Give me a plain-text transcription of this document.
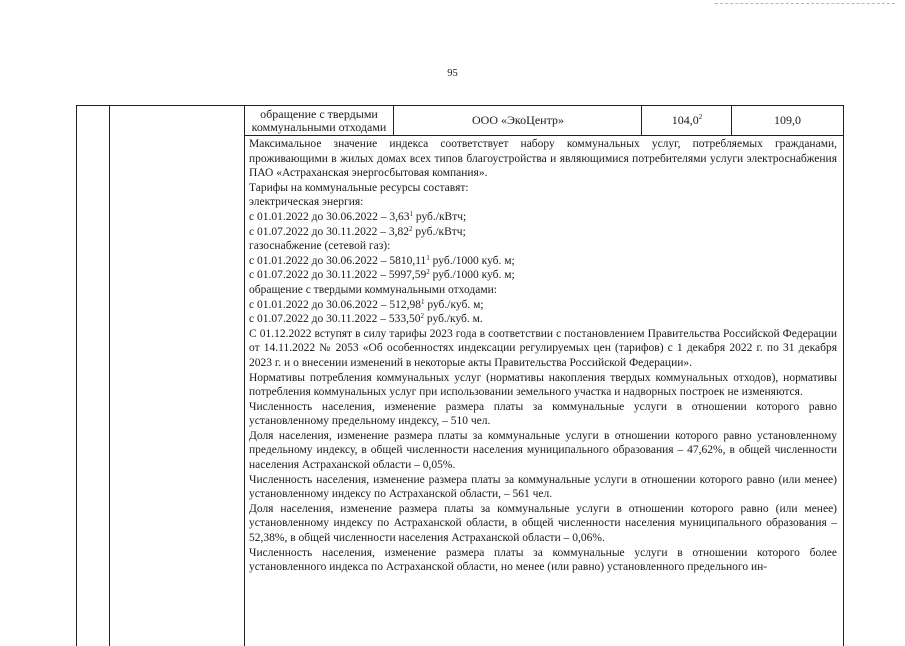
95
обращение с твердыми коммунальными отходами	ООО «ЭкоЦентр»	104,0$^2$	109,0

Максимальное значение индекса соответствует набору коммунальных услуг, потребляемых гражданами, проживающими в жилых домах всех типов благоустройства и являющимися потребителями услуги электроснабжения ПАО «Астраханская энергосбытовая компания».

Тарифы на коммунальные ресурсы составят:

электрическая энергия:

с 01.01.2022 до 30.06.2022 – 3,63$^1$ руб./кВтч;

с 01.07.2022 до 30.11.2022 – 3,82$^2$ руб./кВтч;

газоснабжение (сетевой газ):

с 01.01.2022 до 30.06.2022 – 5810,11$^1$ руб./1000 куб. м;

с 01.07.2022 до 30.11.2022 – 5997,59$^2$ руб./1000 куб. м;

обращение с твердыми коммунальными отходами:

с 01.01.2022 до 30.06.2022 – 512,98$^1$ руб./куб. м;

с 01.07.2022 до 30.11.2022 – 533,50$^2$ руб./куб. м.

С 01.12.2022 вступят в силу тарифы 2023 года в соответствии с постановлением Правительства Российской Федерации от 14.11.2022 № 2053 «Об особенностях индексации регулируемых цен (тарифов) с 1 декабря 2022 г. по 31 декабря 2023 г. и о внесении изменений в некоторые акты Правительства Российской Федерации».

Нормативы потребления коммунальных услуг (нормативы накопления твердых коммунальных отходов), нормативы потребления коммунальных услуг при использовании земельного участка и надворных построек не изменяются.

Численность населения, изменение размера платы за коммунальные услуги в отношении которого равно установленному предельному индексу, – 510 чел.

Доля населения, изменение размера платы за коммунальные услуги в отношении которого равно установленному предельному индексу, в общей численности населения муниципального образования – 47,62%, в общей численности населения Астраханской области – 0,05%.

Численность населения, изменение размера платы за коммунальные услуги в отношении которого равно (или менее) установленному индексу по Астраханской области, – 561 чел.

Доля населения, изменение размера платы за коммунальные услуги в отношении которого равно (или менее) установленному индексу по Астраханской области, в общей численности населения муниципального образования – 52,38%, в общей численности населения Астраханской области – 0,06%.

Численность населения, изменение размера платы за коммунальные услуги в отношении которого более установленного индекса по Астраханской области, но менее (или равно) установленного предельного ин-
